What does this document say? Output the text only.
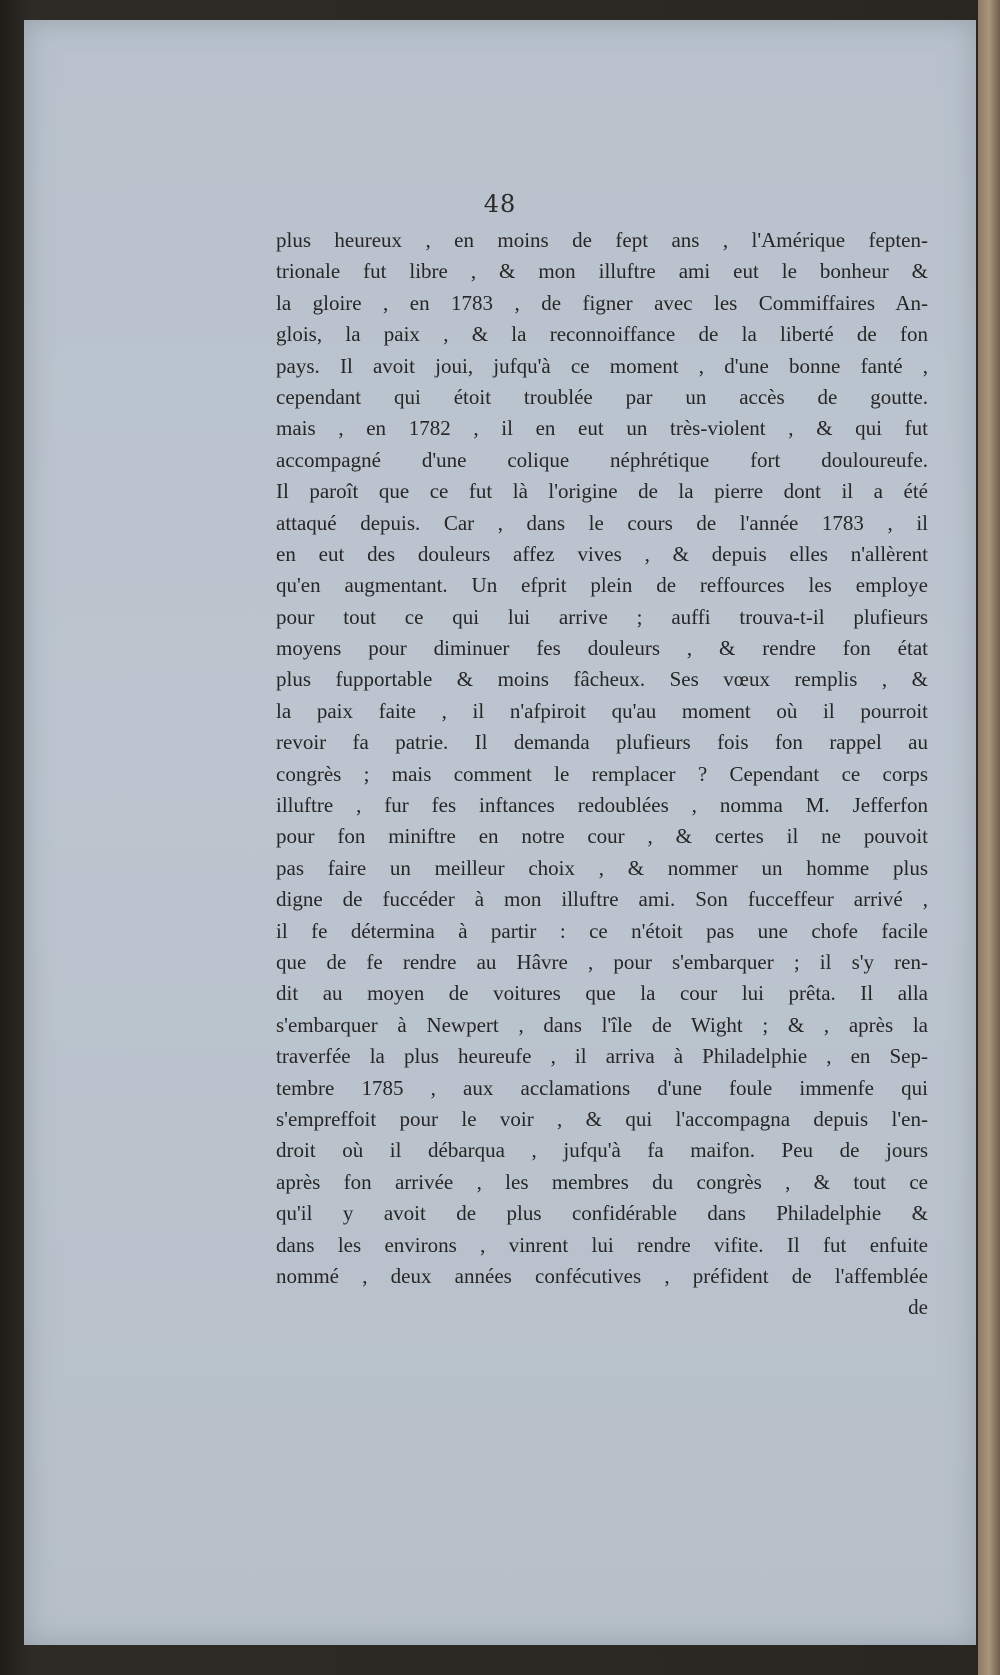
48
plus heureux , en moins de fept ans , l'Amérique fepten-
trionale fut libre , & mon illuftre ami eut le bonheur &
la gloire , en 1783 , de figner avec les Commiffaires An-
glois, la paix , & la reconnoiffance de la liberté de fon
pays. Il avoit joui, jufqu'à ce moment , d'une bonne fanté ,
cependant qui étoit troublée par un accès de goutte.
mais , en 1782 , il en eut un très-violent , & qui fut
accompagné d'une colique néphrétique fort douloureufe.
Il paroît que ce fut là l'origine de la pierre dont il a été
attaqué depuis. Car , dans le cours de l'année 1783 , il
en eut des douleurs affez vives , & depuis elles n'allèrent
qu'en augmentant. Un efprit plein de reffources les employe
pour tout ce qui lui arrive ; auffi trouva-t-il plufieurs
moyens pour diminuer fes douleurs , & rendre fon état
plus fupportable & moins fâcheux. Ses vœux remplis , &
la paix faite , il n'afpiroit qu'au moment où il pourroit
revoir fa patrie. Il demanda plufieurs fois fon rappel au
congrès ; mais comment le remplacer ? Cependant ce corps
illuftre , fur fes inftances redoublées , nomma M. Jefferfon
pour fon miniftre en notre cour , & certes il ne pouvoit
pas faire un meilleur choix , & nommer un homme plus
digne de fuccéder à mon illuftre ami. Son fucceffeur arrivé ,
il fe détermina à partir : ce n'étoit pas une chofe facile
que de fe rendre au Hâvre , pour s'embarquer ; il s'y ren-
dit au moyen de voitures que la cour lui prêta. Il alla
s'embarquer à Newpert , dans l'île de Wight ; & , après la
traverfée la plus heureufe , il arriva à Philadelphie , en Sep-
tembre 1785 , aux acclamations d'une foule immenfe qui
s'empreffoit pour le voir , & qui l'accompagna depuis l'en-
droit où il débarqua , jufqu'à fa maifon. Peu de jours
après fon arrivée , les membres du congrès , & tout ce
qu'il y avoit de plus confidérable dans Philadelphie &
dans les environs , vinrent lui rendre vifite. Il fut enfuite
nommé , deux années confécutives , préfident de l'affemblée
de
